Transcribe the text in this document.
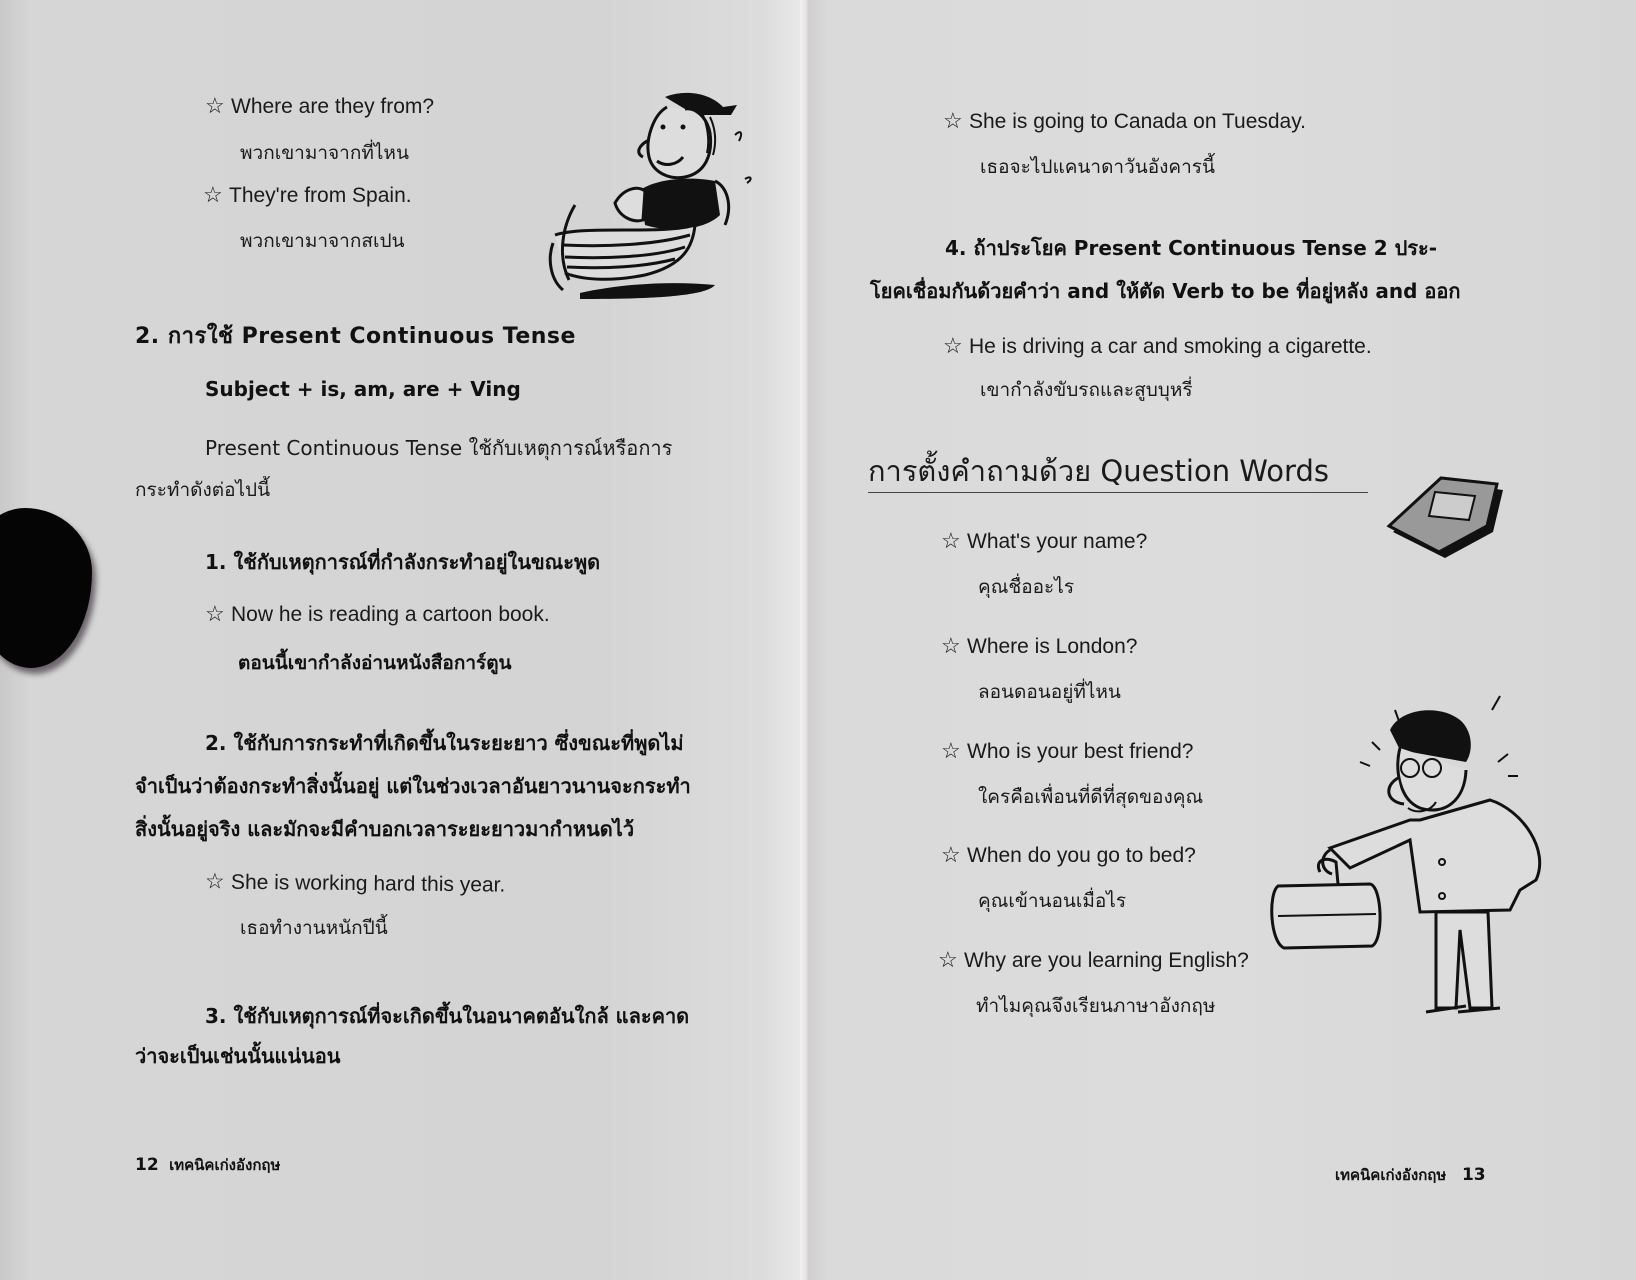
☆ Where are they from?
พวกเขามาจากที่ไหน
☆ They're from Spain.
พวกเขามาจากสเปน
2. การใช้ Present Continuous Tense
Subject + is, am, are + Ving
Present Continuous Tense ใช้กับเหตุการณ์หรือการ
กระทำดังต่อไปนี้
1. ใช้กับเหตุการณ์ที่กำลังกระทำอยู่ในขณะพูด
☆ Now he is reading a cartoon book.
ตอนนี้เขากำลังอ่านหนังสือการ์ตูน
2. ใช้กับการกระทำที่เกิดขึ้นในระยะยาว ซึ่งขณะที่พูดไม่
จำเป็นว่าต้องกระทำสิ่งนั้นอยู่ แต่ในช่วงเวลาอันยาวนานจะกระทำ
สิ่งนั้นอยู่จริง และมักจะมีคำบอกเวลาระยะยาวมากำหนดไว้
☆ She is working hard this year.
เธอทำงานหนักปีนี้
3. ใช้กับเหตุการณ์ที่จะเกิดขึ้นในอนาคตอันใกล้ และคาด
ว่าจะเป็นเช่นนั้นแน่นอน
12 เทคนิคเก่งอังกฤษ
☆ She is going to Canada on Tuesday.
เธอจะไปแคนาดาวันอังคารนี้
4. ถ้าประโยค Present Continuous Tense 2 ประ-
โยคเชื่อมกันด้วยคำว่า and ให้ตัด Verb to be ที่อยู่หลัง and ออก
☆ He is driving a car and smoking a cigarette.
เขากำลังขับรถและสูบบุหรี่
การตั้งคำถามด้วย Question Words
☆ What's your name?
คุณชื่ออะไร
☆ Where is London?
ลอนดอนอยู่ที่ไหน
☆ Who is your best friend?
ใครคือเพื่อนที่ดีที่สุดของคุณ
☆ When do you go to bed?
คุณเข้านอนเมื่อไร
☆ Why are you learning English?
ทำไมคุณจึงเรียนภาษาอังกฤษ
เทคนิคเก่งอังกฤษ 13
